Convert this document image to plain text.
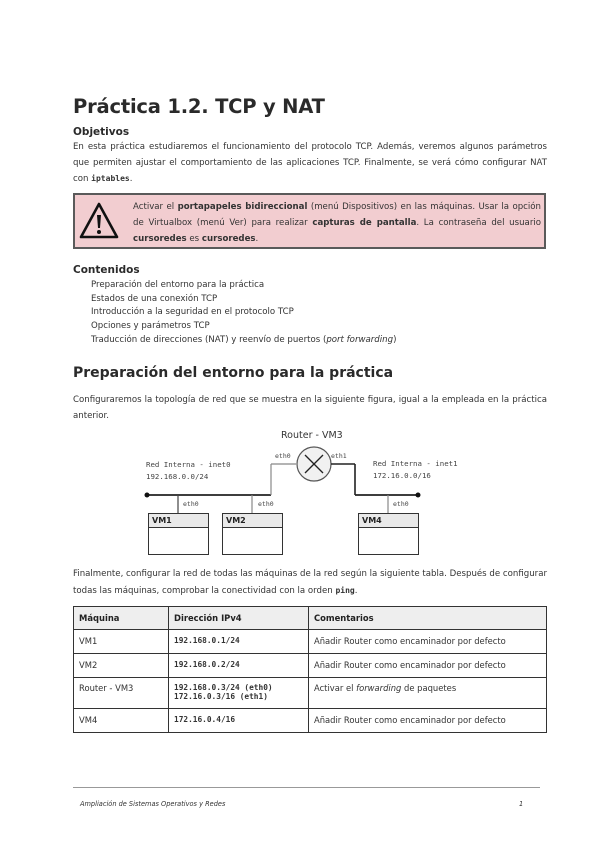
Práctica 1.2. TCP y NAT
Objetivos
En esta práctica estudiaremos el funcionamiento del protocolo TCP. Además, veremos algunos parámetros que permiten ajustar el comportamiento de las aplicaciones TCP. Finalmente, se verá cómo configurar NAT con iptables.
Activar el portapapeles bidireccional (menú Dispositivos) en las máquinas. Usar la opción de Virtualbox (menú Ver) para realizar capturas de pantalla. La contraseña del usuario cursoredes es cursoredes.
Contenidos
Preparación del entorno para la práctica
Estados de una conexión TCP
Introducción a la seguridad en el protocolo TCP
Opciones y parámetros TCP
Traducción de direcciones (NAT) y reenvío de puertos (port forwarding)
Preparación del entorno para la práctica
Configuraremos la topología de red que se muestra en la siguiente figura, igual a la empleada en la práctica anterior.
Router - VM3
eth0	eth1
Red Interna - inet0
192.168.0.0/24
Red Interna - inet1
172.16.0.0/16
eth0	eth0	eth0
VM1	VM2	VM4
Finalmente, configurar la red de todas las máquinas de la red según la siguiente tabla. Después de configurar todas las máquinas, comprobar la conectividad con la orden ping.
Máquina	Dirección IPv4	Comentarios
VM1	192.168.0.1/24	Añadir Router como encaminador por defecto
VM2	192.168.0.2/24	Añadir Router como encaminador por defecto
Router - VM3	192.168.0.3/24 (eth0)
172.16.0.3/16 (eth1)	Activar el forwarding de paquetes
VM4	172.16.0.4/16	Añadir Router como encaminador por defecto
Ampliación de Sistemas Operativos y Redes	1
